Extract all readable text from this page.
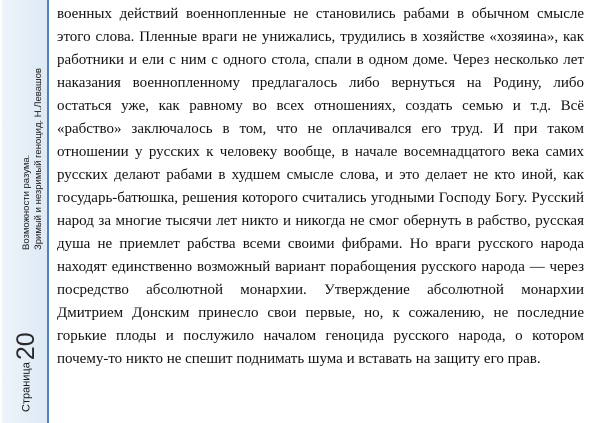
Возможности разума. Зримый и незримый геноцид. Н.Левашов
Страница20

военных действий военнопленные не становились рабами в обычном смысле этого слова. Пленные враги не унижались, трудились в хозяйстве «хозяина», как работники и ели с ним с одного стола, спали в одном доме. Через несколько лет наказания военнопленному предлагалось либо вернуться на Родину, либо остаться уже, как равному во всех отношениях, создать семью и т.д. Всё «рабство» заключалось в том, что не оплачивался его труд. И при таком отношении у русских к человеку вообще, в начале восемнадцатого века самих русских делают рабами в худшем смысле слова, и это делает не кто иной, как государь-батюшка, решения которого считались угодными Господу Богу. Русский народ за многие тысячи лет никто и никогда не смог обернуть в рабство, русская душа не приемлет рабства всеми своими фибрами. Но враги русского народа находят единственно возможный вариант порабощения русского народа — через посредство абсолютной монархии. Утверждение абсолютной монархии Дмитрием Донским принесло свои первые, но, к сожалению, не последние горькие плоды и послужило началом геноцида русского народа, о котором почему-то никто не спешит поднимать шума и вставать на защиту его прав.
